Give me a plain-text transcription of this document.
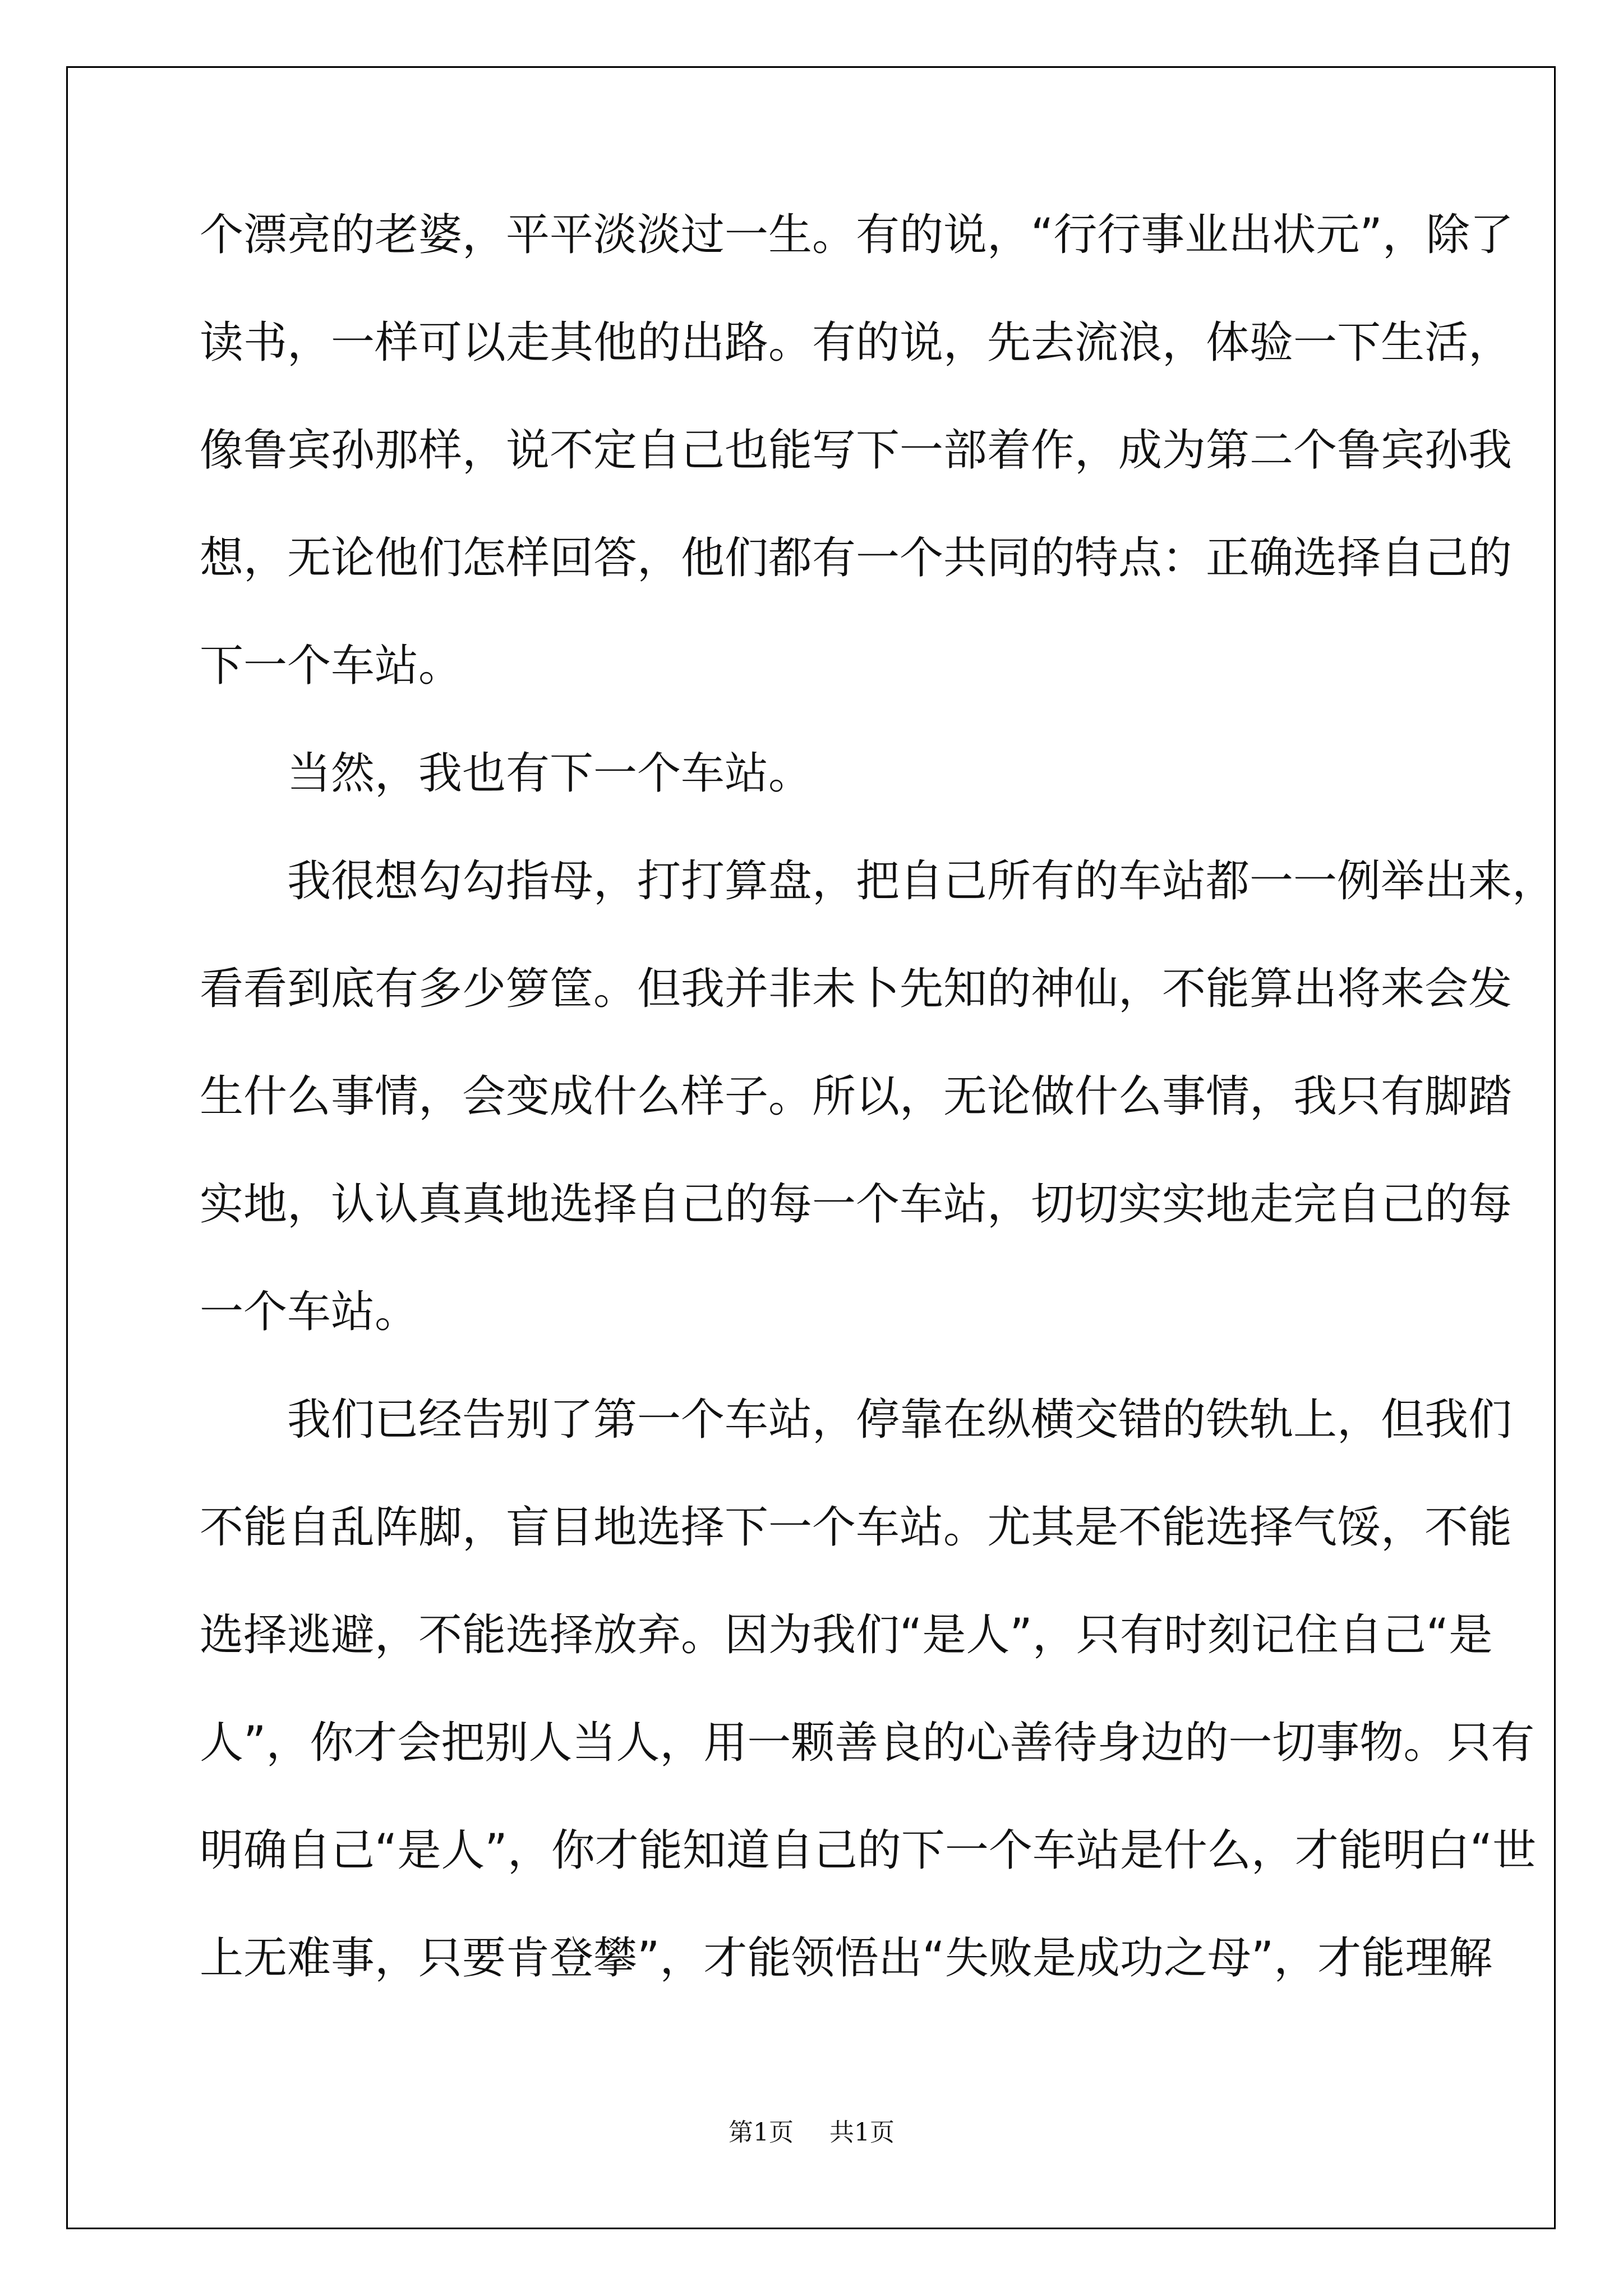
个漂亮的老婆，平平淡淡过一生。有的说，“行行事业出状元”，除了
读书，一样可以走其他的出路。有的说，先去流浪，体验一下生活，
像鲁宾孙那样，说不定自己也能写下一部着作，成为第二个鲁宾孙我
想，无论他们怎样回答，他们都有一个共同的特点：正确选择自己的
下一个车站。
当然，我也有下一个车站。
我很想勾勾指母，打打算盘，把自己所有的车站都一一例举出来，
看看到底有多少箩筐。但我并非未卜先知的神仙，不能算出将来会发
生什么事情，会变成什么样子。所以，无论做什么事情，我只有脚踏
实地，认认真真地选择自己的每一个车站，切切实实地走完自己的每
一个车站。
我们已经告别了第一个车站，停靠在纵横交错的铁轨上，但我们
不能自乱阵脚，盲目地选择下一个车站。尤其是不能选择气馁，不能
选择逃避，不能选择放弃。因为我们“是人”，只有时刻记住自己“是
人”，你才会把别人当人，用一颗善良的心善待身边的一切事物。只有
明确自己“是人”，你才能知道自己的下一个车站是什么，才能明白“世
上无难事，只要肯登攀”，才能领悟出“失败是成功之母”，才能理解
第1页 共1页
